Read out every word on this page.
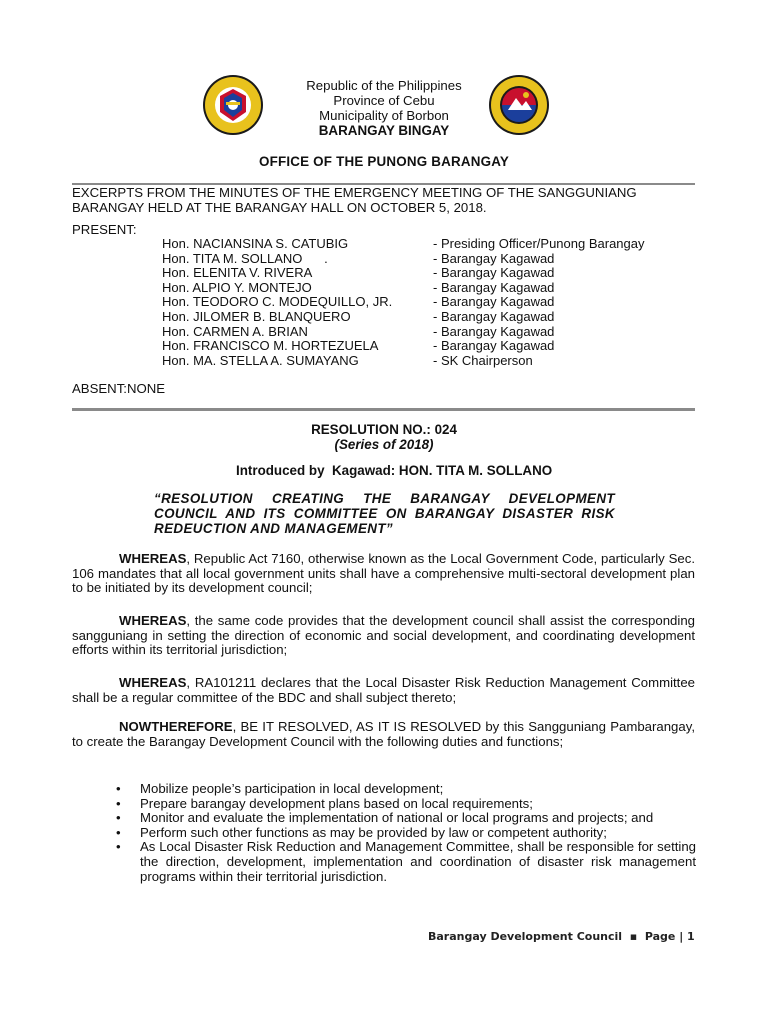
Republic of the Philippines
Province of Cebu
Municipality of Borbon
BARANGAY BINGAY
OFFICE OF THE PUNONG BARANGAY
EXCERPTS FROM THE MINUTES OF THE EMERGENCY MEETING OF THE SANGGUNIANG BARANGAY HELD AT THE BARANGAY HALL ON OCTOBER 5, 2018.
PRESENT:
Hon. NACIANSINA S. CATUBIG	- Presiding Officer/Punong Barangay
Hon. TITA M. SOLLANO      .	- Barangay Kagawad
Hon. ELENITA V. RIVERA	- Barangay Kagawad
Hon. ALPIO Y. MONTEJO	- Barangay Kagawad
Hon. TEODORO C. MODEQUILLO, JR.	- Barangay Kagawad
Hon. JILOMER B. BLANQUERO	- Barangay Kagawad
Hon. CARMEN A. BRIAN	- Barangay Kagawad
Hon. FRANCISCO M. HORTEZUELA	- Barangay Kagawad
Hon. MA. STELLA A. SUMAYANG	- SK Chairperson
ABSENT:NONE
RESOLUTION NO.: 024
(Series of 2018)
Introduced by  Kagawad: HON. TITA M. SOLLANO
“RESOLUTION CREATING THE BARANGAY DEVELOPMENT COUNCIL AND ITS COMMITTEE ON BARANGAY DISASTER RISK REDEUCTION AND MANAGEMENT”
WHEREAS, Republic Act 7160, otherwise known as the Local Government Code, particularly Sec. 106 mandates that all local government units shall have a comprehensive multi-sectoral development plan to be initiated by its development council;
WHEREAS, the same code provides that the development council shall assist the corresponding sangguniang in setting the direction of economic and social development, and coordinating development efforts within its territorial jurisdiction;
WHEREAS, RA101211 declares that the Local Disaster Risk Reduction Management Committee shall be a regular committee of the BDC and shall subject thereto;
NOWTHEREFORE, BE IT RESOLVED, AS IT IS RESOLVED by this Sangguniang Pambarangay, to create the Barangay Development Council with the following duties and functions;
• Mobilize people’s participation in local development;
• Prepare barangay development plans based on local requirements;
• Monitor and evaluate the implementation of national or local programs and projects; and
• Perform such other functions as may be provided by law or competent authority;
• As Local Disaster Risk Reduction and Management Committee, shall be responsible for setting the direction, development, implementation and coordination of disaster risk management programs within their territorial jurisdiction.
Barangay Development Council  ▪  Page | 1
